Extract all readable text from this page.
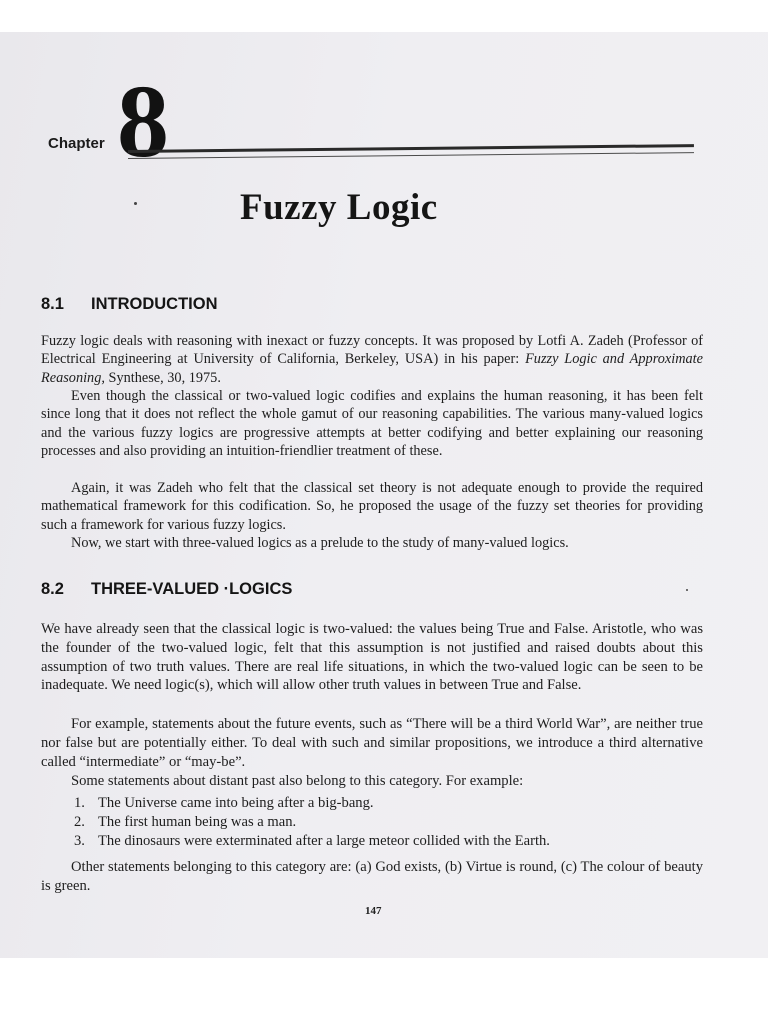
Chapter 8
Fuzzy Logic
8.1 INTRODUCTION

Fuzzy logic deals with reasoning with inexact or fuzzy concepts. It was proposed by Lotfi A. Zadeh (Professor of Electrical Engineering at University of California, Berkeley, USA) in his paper: Fuzzy Logic and Approximate Reasoning, Synthese, 30, 1975.

Even though the classical or two-valued logic codifies and explains the human reasoning, it has been felt since long that it does not reflect the whole gamut of our reasoning capabilities. The various many-valued logics and the various fuzzy logics are progressive attempts at better codifying and better explaining our reasoning processes and also providing an intuition-friendlier treatment of these.

Again, it was Zadeh who felt that the classical set theory is not adequate enough to provide the required mathematical framework for this codification. So, he proposed the usage of the fuzzy set theories for providing such a framework for various fuzzy logics.

Now, we start with three-valued logics as a prelude to the study of many-valued logics.

8.2 THREE-VALUED ·LOGICS

We have already seen that the classical logic is two-valued: the values being True and False. Aristotle, who was the founder of the two-valued logic, felt that this assumption is not justified and raised doubts about this assumption of two truth values. There are real life situations, in which the two-valued logic can be seen to be inadequate. We need logic(s), which will allow other truth values in between True and False.

For example, statements about the future events, such as “There will be a third World War”, are neither true nor false but are potentially either. To deal with such and similar propositions, we introduce a third alternative called “intermediate” or “may-be”.

Some statements about distant past also belong to this category. For example:

1. The Universe came into being after a big-bang.
2. The first human being was a man.
3. The dinosaurs were exterminated after a large meteor collided with the Earth.

Other statements belonging to this category are: (a) God exists, (b) Virtue is round, (c) The colour of beauty is green.

147
